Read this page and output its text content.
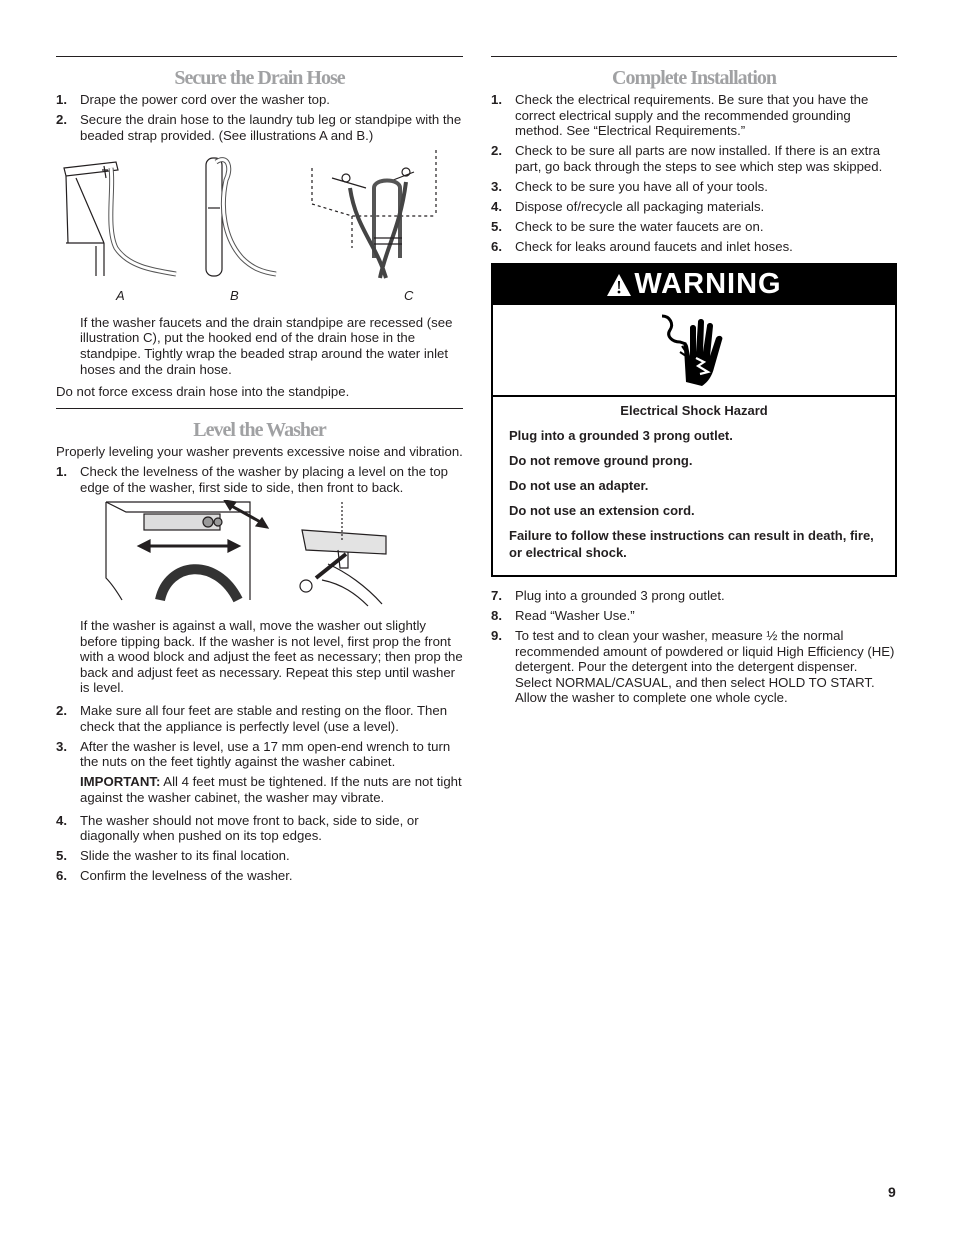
Secure the Drain Hose
1. Drape the power cord over the washer top.
2. Secure the drain hose to the laundry tub leg or standpipe with the beaded strap provided. (See illustrations A and B.)
A	B	C
If the washer faucets and the drain standpipe are recessed (see illustration C), put the hooked end of the drain hose in the standpipe. Tightly wrap the beaded strap around the water inlet hoses and the drain hose.
Do not force excess drain hose into the standpipe.
Level the Washer
Properly leveling your washer prevents excessive noise and vibration.
1. Check the levelness of the washer by placing a level on the top edge of the washer, first side to side, then front to back.
If the washer is against a wall, move the washer out slightly before tipping back. If the washer is not level, first prop the front with a wood block and adjust the feet as necessary; then prop the back and adjust feet as necessary. Repeat this step until washer is level.
2. Make sure all four feet are stable and resting on the floor. Then check that the appliance is perfectly level (use a level).
3. After the washer is level, use a 17 mm open-end wrench to turn the nuts on the feet tightly against the washer cabinet.
IMPORTANT: All 4 feet must be tightened. If the nuts are not tight against the washer cabinet, the washer may vibrate.
4. The washer should not move front to back, side to side, or diagonally when pushed on its top edges.
5. Slide the washer to its final location.
6. Confirm the levelness of the washer.
Complete Installation
1. Check the electrical requirements. Be sure that you have the correct electrical supply and the recommended grounding method. See “Electrical Requirements.”
2. Check to be sure all parts are now installed. If there is an extra part, go back through the steps to see which step was skipped.
3. Check to be sure you have all of your tools.
4. Dispose of/recycle all packaging materials.
5. Check to be sure the water faucets are on.
6. Check for leaks around faucets and inlet hoses.
WARNING
Electrical Shock Hazard
Plug into a grounded 3 prong outlet.
Do not remove ground prong.
Do not use an adapter.
Do not use an extension cord.
Failure to follow these instructions can result in death, fire, or electrical shock.
7. Plug into a grounded 3 prong outlet.
8. Read “Washer Use.”
9. To test and to clean your washer, measure ½ the normal recommended amount of powdered or liquid High Efficiency (HE) detergent. Pour the detergent into the detergent dispenser. Select NORMAL/CASUAL, and then select HOLD TO START. Allow the washer to complete one whole cycle.
9
